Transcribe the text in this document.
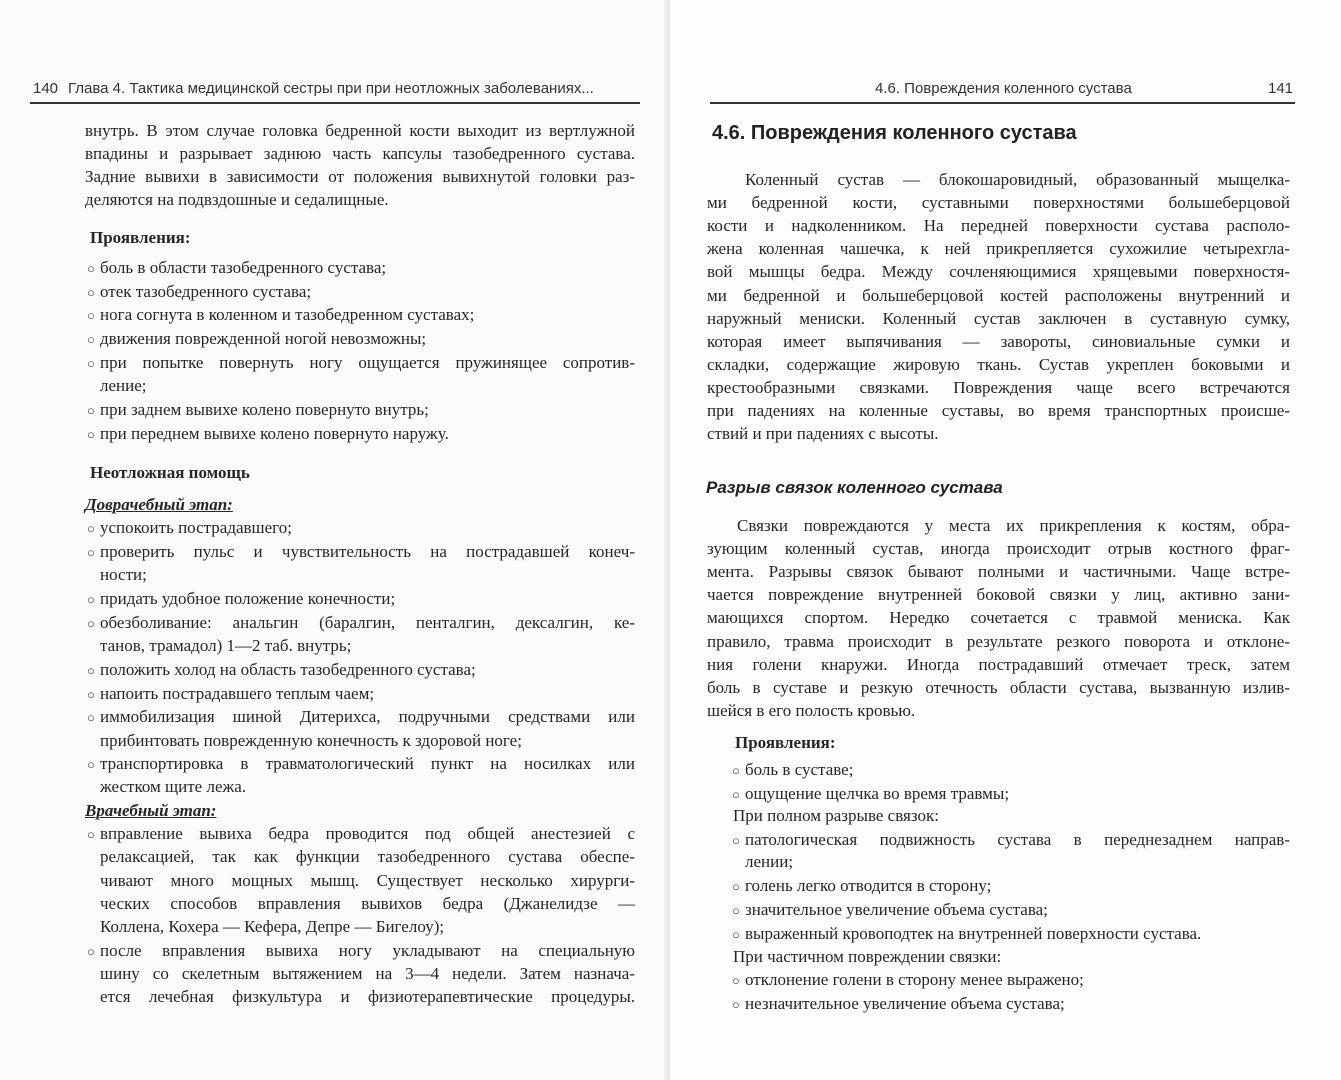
140 Глава 4. Тактика медицинской сестры при при неотложных заболеваниях...
внутрь. В этом случае головка бедренной кости выходит из вертлужной
впадины и разрывает заднюю часть капсулы тазобедренного сустава.
Задние вывихи в зависимости от положения вывихнутой головки раз-
деляются на подвздошные и седалищные.
Проявления:
боль в области тазобедренного сустава;
○
отек тазобедренного сустава;
○
нога согнута в коленном и тазобедренном суставах;
○
движения поврежденной ногой невозможны;
○
при попытке повернуть ногу ощущается пружинящее сопротив-
○
ление;
при заднем вывихе колено повернуто внутрь;
○
при переднем вывихе колено повернуто наружу.
○
Неотложная помощь
Доврачебный этап:
успокоить пострадавшего;
○
проверить пульс и чувствительность на пострадавшей конеч-
○
ности;
придать удобное положение конечности;
○
обезболивание: анальгин (баралгин, пенталгин, дексалгин, ке-
○
танов, трамадол) 1—2 таб. внутрь;
положить холод на область тазобедренного сустава;
○
напоить пострадавшего теплым чаем;
○
иммобилизация шиной Дитерихса, подручными средствами или
○
прибинтовать поврежденную конечность к здоровой ноге;
транспортировка в травматологический пункт на носилках или
○
жестком щите лежа.
Врачебный этап:
вправление вывиха бедра проводится под общей анестезией с
○
релаксацией, так как функции тазобедренного сустава обеспе-
чивают много мощных мышц. Существует несколько хирурги-
ческих способов вправления вывихов бедра (Джанелидзе —
Коллена, Кохера — Кефера, Депре — Бигелоу);
после вправления вывиха ногу укладывают на специальную
○
шину со скелетным вытяжением на 3—4 недели. Затем назнача-
ется лечебная физкультура и физиотерапевтические процедуры.
4.6. Повреждения коленного сустава	141
4.6. Повреждения коленного сустава
Разрыв связок коленного сустава
Коленный сустав — блокошаровидный, образованный мыщелка-
ми бедренной кости, суставными поверхностями большеберцовой
кости и надколенником. На передней поверхности сустава располо-
жена коленная чашечка, к ней прикрепляется сухожилие четырехгла-
вой мышцы бедра. Между сочленяющимися хрящевыми поверхностя-
ми бедренной и большеберцовой костей расположены внутренний и
наружный мениски. Коленный сустав заключен в суставную сумку,
которая имеет выпячивания — завороты, синовиальные сумки и
складки, содержащие жировую ткань. Сустав укреплен боковыми и
крестообразными связками. Повреждения чаще всего встречаются
при падениях на коленные суставы, во время транспортных происше-
ствий и при падениях с высоты.
Связки повреждаются у места их прикрепления к костям, обра-
зующим коленный сустав, иногда происходит отрыв костного фраг-
мента. Разрывы связок бывают полными и частичными. Чаще встре-
чается повреждение внутренней боковой связки у лиц, активно зани-
мающихся спортом. Нередко сочетается с травмой мениска. Как
правило, травма происходит в результате резкого поворота и отклоне-
ния голени кнаружи. Иногда пострадавший отмечает треск, затем
боль в суставе и резкую отечность области сустава, вызванную излив-
шейся в его полость кровью.
Проявления:
боль в суставе;
○
ощущение щелчка во время травмы;
○
При полном разрыве связок:
патологическая подвижность сустава в переднезаднем направ-
○
лении;
голень легко отводится в сторону;
○
значительное увеличение объема сустава;
○
выраженный кровоподтек на внутренней поверхности сустава.
○
При частичном повреждении связки:
отклонение голени в сторону менее выражено;
○
незначительное увеличение объема сустава;
○
